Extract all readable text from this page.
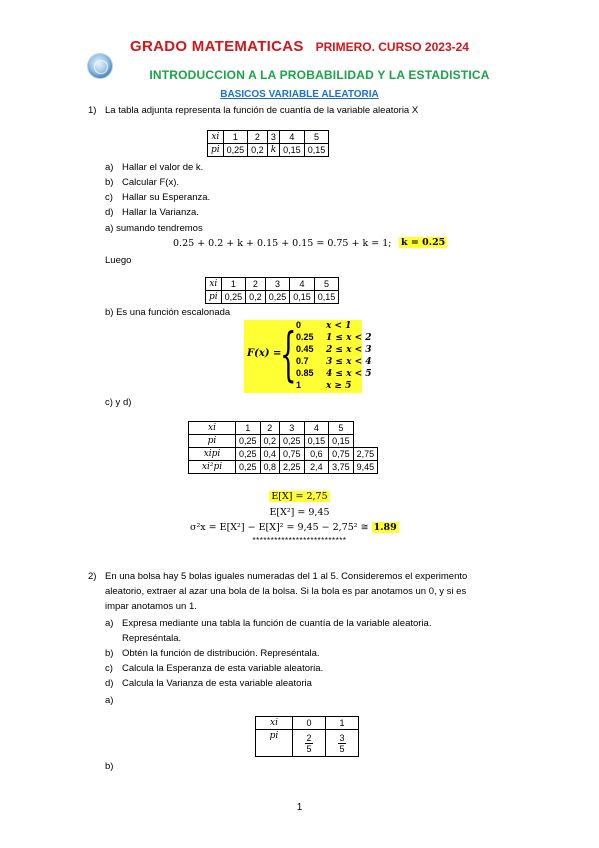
GRADO MATEMATICAS PRIMERO. CURSO 2023-24
INTRODUCCION A LA PROBABILIDAD Y LA ESTADISTICA
BASICOS VARIABLE ALEATORIA
1) La tabla adjunta representa la función de cuantía de la variable aleatoria X
xi	1	2	3	4	5
pi	0,25	0,2	k	0,15	0,15
a) Hallar el valor de k.
b) Calcular F(x).
c) Hallar su Esperanza.
d) Hallar la Varianza.
a) sumando tendremos
0.25 + 0.2 + k + 0.15 + 0.15 = 0.75 + k = 1; k = 0.25
Luego
xi	1	2	3	4	5
pi	0,25	0,2	0,25	0,15	0,15
b) Es una función escalonada
F(x) =
{ 0	x < 1
0.25 1 ≤ x < 2
0.45 2 ≤ x < 3
0.7 3 ≤ x < 4
0.85 4 ≤ x < 5
1	x ≥ 5
c) y d)
xi	1	2	3	4	5	
pi	0,25	0,2	0,25	0,15	0,15	
xipi	0,25	0,4	0,75	0,6	0,75	2,75
xi²pi	0,25	0,8	2,25	2,4	3,75	9,45
E[X] = 2,75
E[X²] = 9,45
σ²x = E[X²] − E[X]² = 9,45 − 2,75² ≅ 1.89
**************************
2) En una bolsa hay 5 bolas iguales numeradas del 1 al 5. Consideremos el experimento
aleatorio, extraer al azar una bola de la bolsa. Si la bola es par anotamos un 0, y si es
impar anotamos un 1.
a) Expresa mediante una tabla la función de cuantía de la variable aleatoria.
Represéntala.
b) Obtén la función de distribución. Represéntala.
c) Calcula la Esperanza de esta variable aleatoria.
d) Calcula la Varianza de esta variable aleatoria
a)
xi	0	1
pi	$\frac{2}{5}$	$\frac{3}{5}$
b)
1
